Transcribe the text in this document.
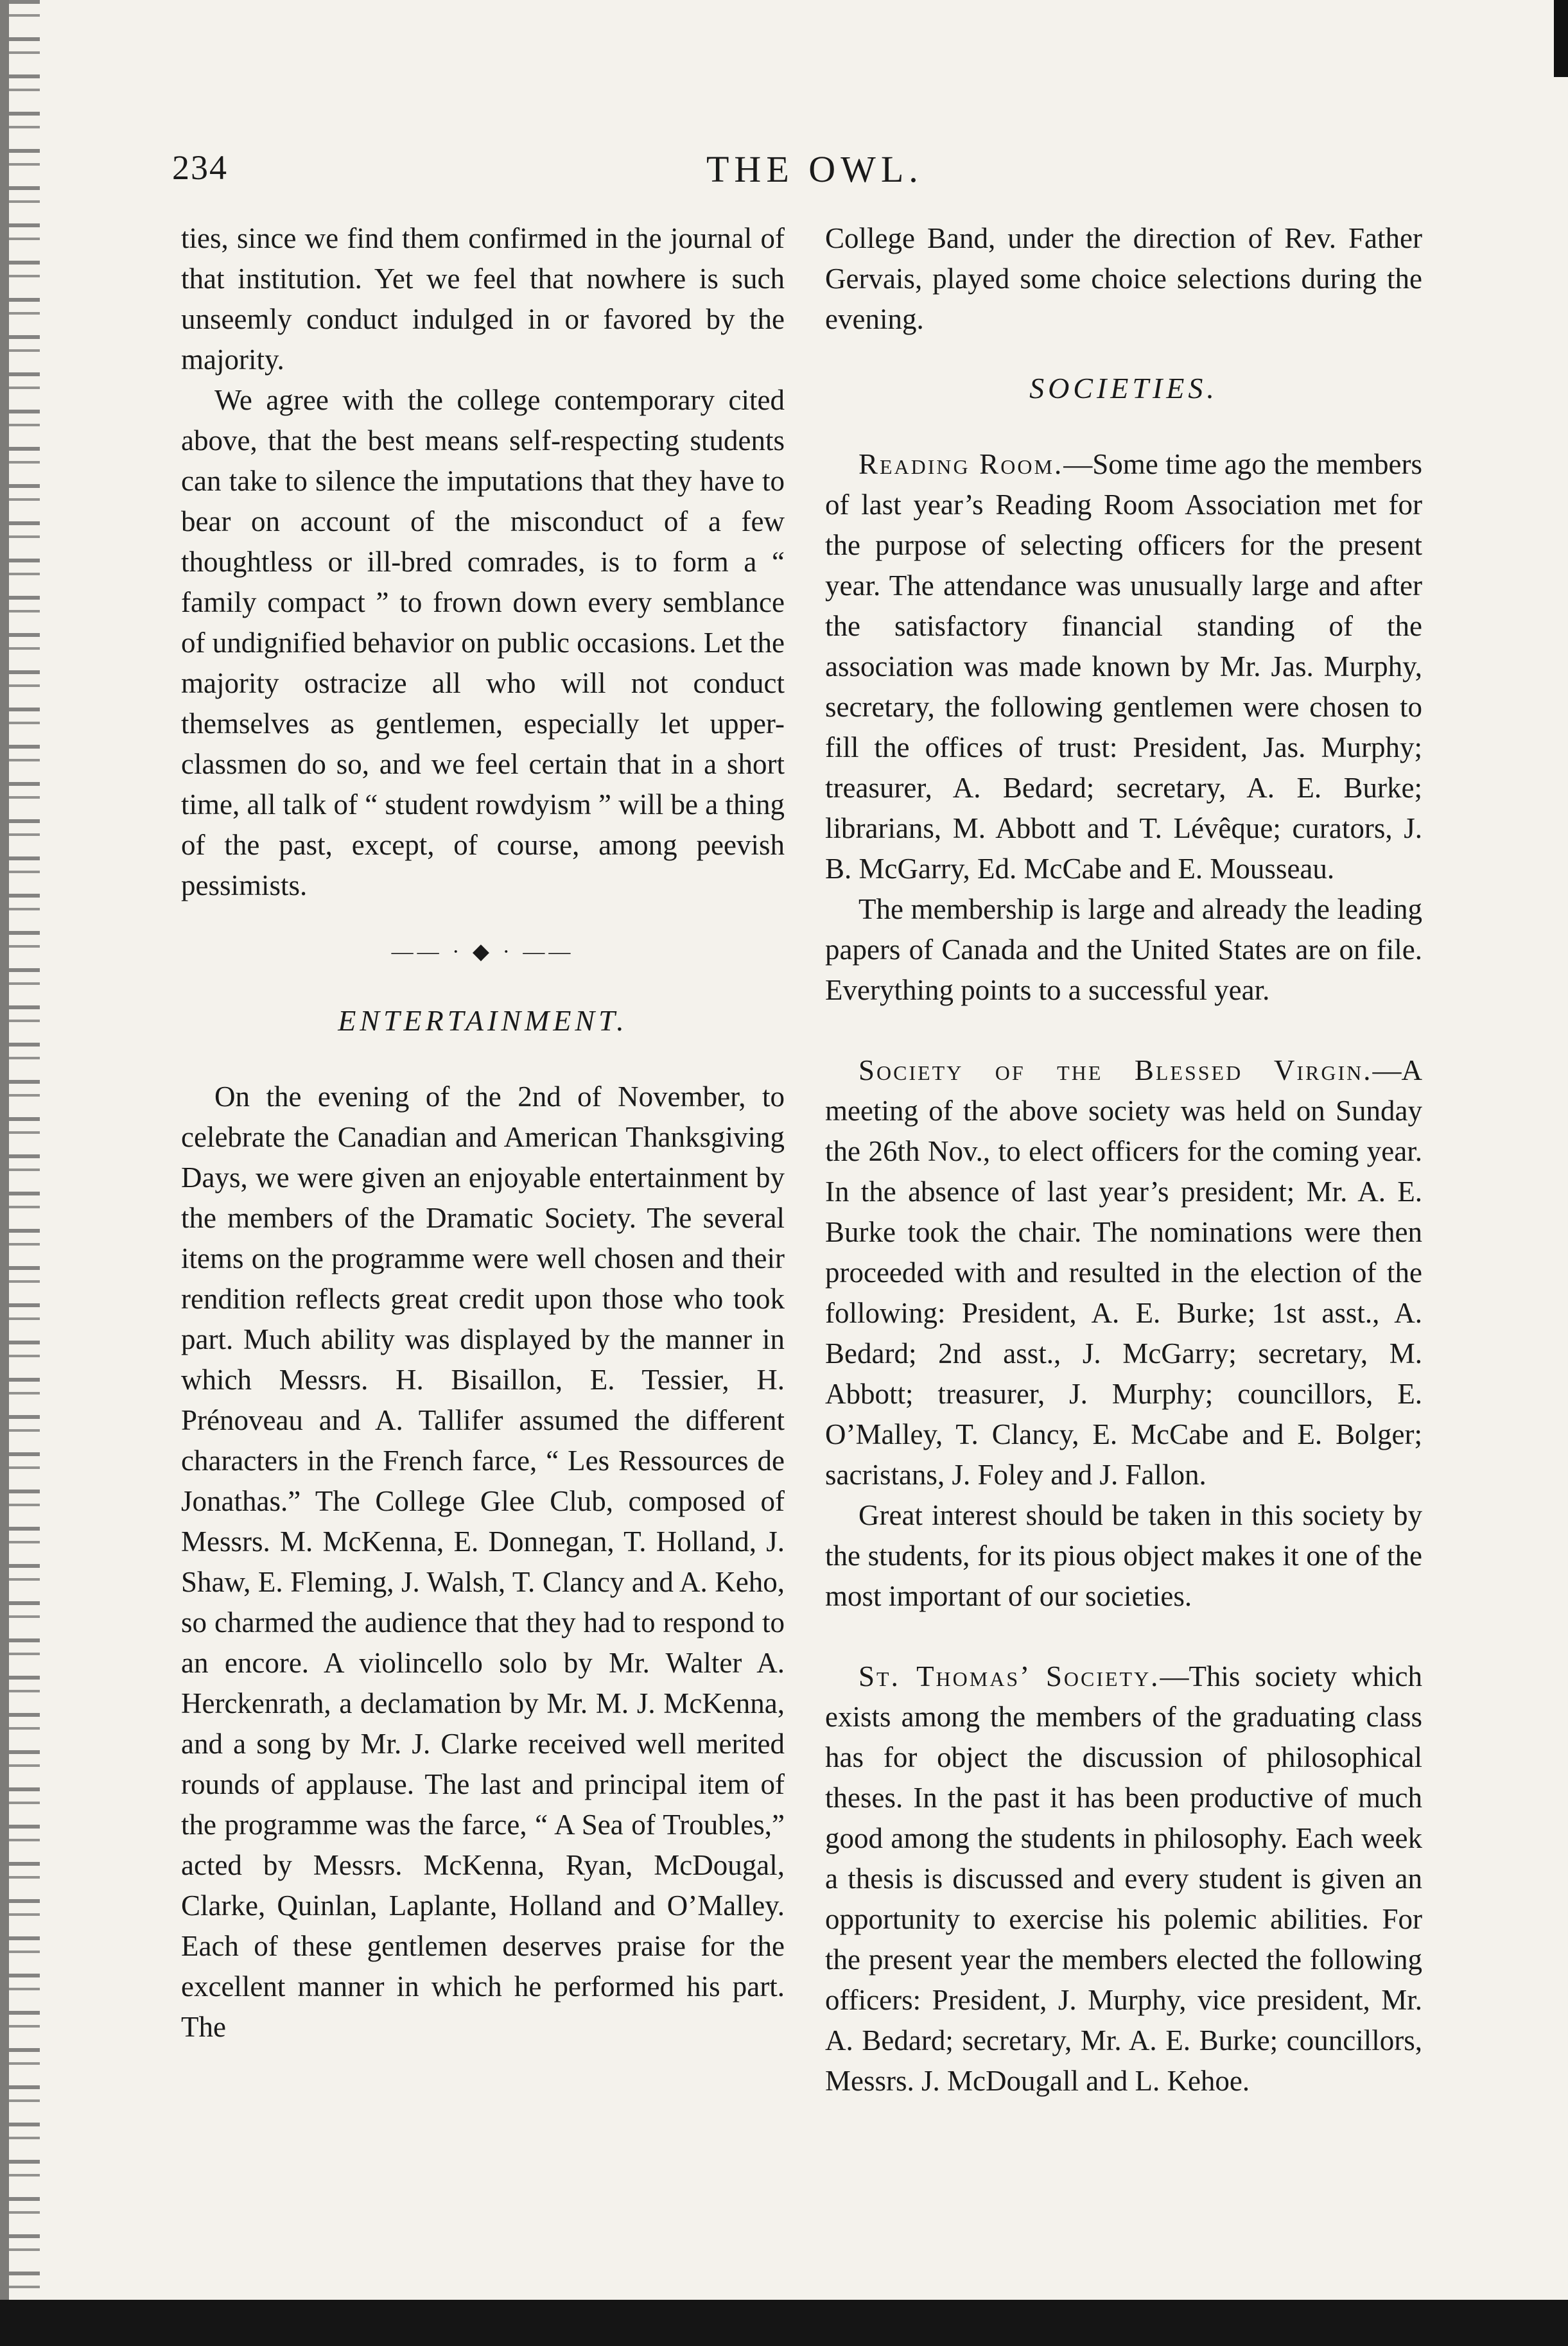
234	THE OWL.

ties, since we find them confirmed in the journal of that institution. Yet we feel that nowhere is such unseemly conduct indulged in or favored by the majority.

We agree with the college contemporary cited above, that the best means self-respecting students can take to silence the imputations that they have to bear on account of the misconduct of a few thoughtless or ill-bred comrades, is to form a “ family compact ” to frown down every semblance of undignified behavior on public occasions. Let the majority ostracize all who will not conduct themselves as gentlemen, especially let upper-classmen do so, and we feel certain that in a short time, all talk of “ student rowdyism ” will be a thing of the past, except, of course, among peevish pessimists.

—— · ◆ · ——
ENTERTAINMENT.

On the evening of the 2nd of November, to celebrate the Canadian and American Thanksgiving Days, we were given an enjoyable entertainment by the members of the Dramatic Society. The several items on the programme were well chosen and their rendition reflects great credit upon those who took part. Much ability was displayed by the manner in which Messrs. H. Bisaillon, E. Tessier, H. Prénoveau and A. Tallifer assumed the different characters in the French farce, “ Les Ressources de Jonathas.” The College Glee Club, composed of Messrs. M. McKenna, E. Donnegan, T. Holland, J. Shaw, E. Fleming, J. Walsh, T. Clancy and A. Keho, so charmed the audience that they had to respond to an encore. A violincello solo by Mr. Walter A. Herckenrath, a declamation by Mr. M. J. McKenna, and a song by Mr. J. Clarke received well merited rounds of applause. The last and principal item of the programme was the farce, “ A Sea of Troubles,” acted by Messrs. McKenna, Ryan, McDougal, Clarke, Quinlan, Laplante, Holland and O’Malley. Each of these gentlemen deserves praise for the excellent manner in which he performed his part. The

College Band, under the direction of Rev. Father Gervais, played some choice selections during the evening.

SOCIETIES.

Reading Room.—Some time ago the members of last year’s Reading Room Association met for the purpose of selecting officers for the present year. The attendance was unusually large and after the satisfactory financial standing of the association was made known by Mr. Jas. Murphy, secretary, the following gentlemen were chosen to fill the offices of trust: President, Jas. Murphy; treasurer, A. Bedard; secretary, A. E. Burke; librarians, M. Abbott and T. Lévêque; curators, J. B. McGarry, Ed. McCabe and E. Mousseau.

The membership is large and already the leading papers of Canada and the United States are on file. Everything points to a successful year.

Society of the Blessed Virgin.—A meeting of the above society was held on Sunday the 26th Nov., to elect officers for the coming year. In the absence of last year’s president; Mr. A. E. Burke took the chair. The nominations were then proceeded with and resulted in the election of the following: President, A. E. Burke; 1st asst., A. Bedard; 2nd asst., J. McGarry; secretary, M. Abbott; treasurer, J. Murphy; councillors, E. O’Malley, T. Clancy, E. McCabe and E. Bolger; sacristans, J. Foley and J. Fallon.

Great interest should be taken in this society by the students, for its pious object makes it one of the most important of our societies.

St. Thomas’ Society.—This society which exists among the members of the graduating class has for object the discussion of philosophical theses. In the past it has been productive of much good among the students in philosophy. Each week a thesis is discussed and every student is given an opportunity to exercise his polemic abilities. For the present year the members elected the following officers: President, J. Murphy, vice president, Mr. A. Bedard; secretary, Mr. A. E. Burke; councillors, Messrs. J. McDougall and L. Kehoe.
